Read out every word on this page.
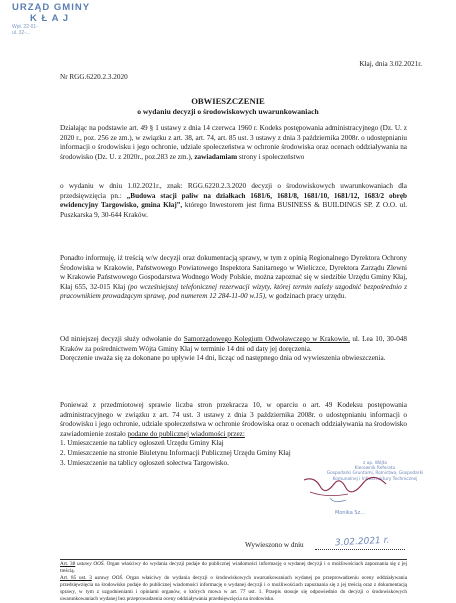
URZĄD GMINY
K Ł A J
Wpł. 22-01-
ul. 32-...
Kłaj, dnia 3.02.2021r.
Nr RGG.6220.2.3.2020
OBWIESZCZENIE
o wydaniu decyzji o środowiskowych uwarunkowaniach
Działając na podstawie art. 49 § 1 ustawy z dnia 14 czerwca 1960 r. Kodeks postępowania administracyjnego (Dz. U. z 2020 r., poz. 256 ze zm.), w związku z art. 38, art. 74, art. 85 ust. 3 ustawy z dnia 3 października 2008r. o udostępnianiu informacji o środowisku i jego ochronie, udziale społeczeństwa w ochronie środowiska oraz ocenach oddziaływania na środowisko (Dz. U. z 2020r., poz.283 ze zm.), zawiadamiam strony i społeczeństwo
o wydaniu w dniu 1.02.2021r., znak: RGG.6220.2.3.2020 decyzji o środowiskowych uwarunkowaniach dla przedsięwzięcia pn.: „Budowa stacji paliw na działkach 1681/6, 1681/8, 1681/10, 1681/12, 1683/2 obręb ewidencyjny Targowisko, gmina Kłaj”, którego Inwestorem jest firma BUSINESS & BUILDINGS SP. Z O.O. ul. Puszkarska 9, 30-644 Kraków.
Ponadto informuję, iż treścią w/w decyzji oraz dokumentacją sprawy, w tym z opinią Regionalnego Dyrektora Ochrony Środowiska w Krakowie, Państwowego Powiatowego Inspektora Sanitarnego w Wieliczce, Dyrektora Zarządu Zlewni w Krakowie Państwowego Gospodarstwa Wodnego Wody Polskie, można zapoznać się w siedzibie Urzędu Gminy Kłaj, Kłaj 655, 32-015 Kłaj (po wcześniejszej telefonicznej rezerwacji wizyty, której termin należy uzgodnić bezpośrednio z pracownikiem prowadzącym sprawę, pod numerem 12 284-11-00 w.15), w godzinach pracy urzędu.
Od niniejszej decyzji służy odwołanie do Samorządowego Kolegium Odwoławczego w Krakowie, ul. Lea 10, 30-048 Kraków za pośrednictwem Wójta Gminy Kłaj w terminie 14 dni od daty jej doręczenia.
Doręczenie uważa się za dokonane po upływie 14 dni, licząc od następnego dnia od wywieszenia obwieszczenia.
Ponieważ z przedmiotowej sprawie liczba stron przekracza 10, w oparciu o art. 49 Kodeksu postępowania administracyjnego w związku z art. 74 ust. 3 ustawy z dnia 3 października 2008r. o udostępnianiu informacji o środowisku i jego ochronie, udziale społeczeństwa w ochronie środowiska oraz o ocenach oddziaływania na środowisko zawiadomienie zostało podane do publicznej wiadomości przez:
1. Umieszczenie na tablicy ogłoszeń Urzędu Gminy Kłaj
2. Umieszczenie na stronie Biuletynu Informacji Publicznej Urzędu Gminy Kłaj
3. Umieszczenie na tablicy ogłoszeń sołectwa Targowisko.	z up. Wójta
Kierownik Referatu
Gospodarki Gruntami, Rolnictwa, Gospodarki
Komunalnej i Infrastruktury Technicznej
Monika Sz...
Wywieszono w dniu	3.02.2021 r.
Art. 38 ustawy OOŚ. Organ właściwy do wydania decyzji podaje do publicznej wiadomości informację o wydanej decyzji i o możliwościach zapoznania się z jej treścią.
Art. 85 ust. 3 ustawy OOŚ. Organ właściwy do wydania decyzji o środowiskowych uwarunkowaniach wydanej po przeprowadzeniu oceny oddziaływania przedsięwzięcia na środowisko podaje do publicznej wiadomości informację o wydanej decyzji i o możliwościach zapoznania się z jej treścią oraz z dokumentacją sprawy, w tym z uzgodnieniami i opiniami organów, o których mowa w art. 77 ust. 1. Przepis stosuje się odpowiednio do decyzji o środowiskowych uwarunkowaniach wydanej bez przeprowadzenia oceny oddziaływania przedsięwzięcia na środowisko.
